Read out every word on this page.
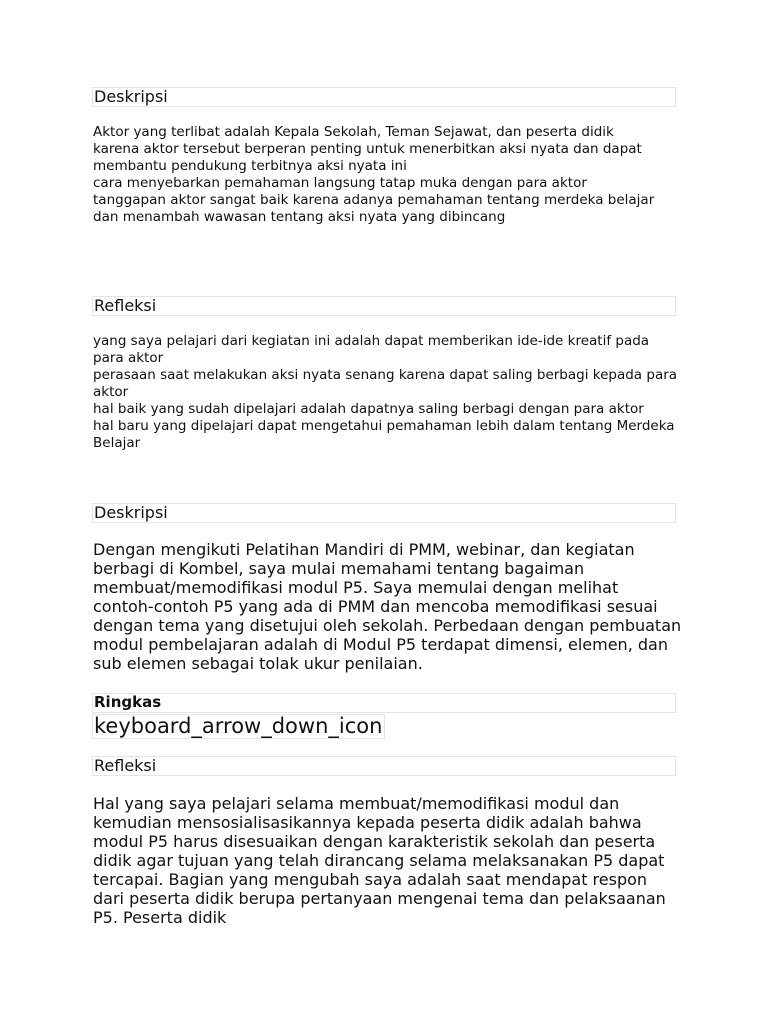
Deskripsi
Aktor yang terlibat adalah Kepala Sekolah, Teman Sejawat, dan peserta didik
karena aktor tersebut berperan penting untuk menerbitkan aksi nyata dan dapat membantu pendukung terbitnya aksi nyata ini
cara menyebarkan pemahaman langsung tatap muka dengan para aktor
tanggapan aktor sangat baik karena adanya pemahaman tentang merdeka belajar dan menambah wawasan tentang aksi nyata yang dibincang
Refleksi
yang saya pelajari dari kegiatan ini adalah dapat memberikan ide-ide kreatif pada para aktor
perasaan saat melakukan aksi nyata senang karena dapat saling berbagi kepada para aktor
hal baik yang sudah dipelajari adalah dapatnya saling berbagi dengan para aktor
hal baru yang dipelajari dapat mengetahui pemahaman lebih dalam tentang Merdeka Belajar
Deskripsi
Dengan mengikuti Pelatihan Mandiri di PMM, webinar, dan kegiatan berbagi di Kombel, saya mulai memahami tentang bagaiman membuat/memodifikasi modul P5. Saya memulai dengan melihat contoh-contoh P5 yang ada di PMM dan mencoba memodifikasi sesuai dengan tema yang disetujui oleh sekolah. Perbedaan dengan pembuatan modul pembelajaran adalah di Modul P5 terdapat dimensi, elemen, dan sub elemen sebagai tolak ukur penilaian.
Ringkas
keyboard_arrow_down_icon
Refleksi
Hal yang saya pelajari selama membuat/memodifikasi modul dan kemudian mensosialisasikannya kepada peserta didik adalah bahwa modul P5 harus disesuaikan dengan karakteristik sekolah dan peserta didik agar tujuan yang telah dirancang selama melaksanakan P5 dapat tercapai. Bagian yang mengubah saya adalah saat mendapat respon dari peserta didik berupa pertanyaan mengenai tema dan pelaksaanan P5. Peserta didik
